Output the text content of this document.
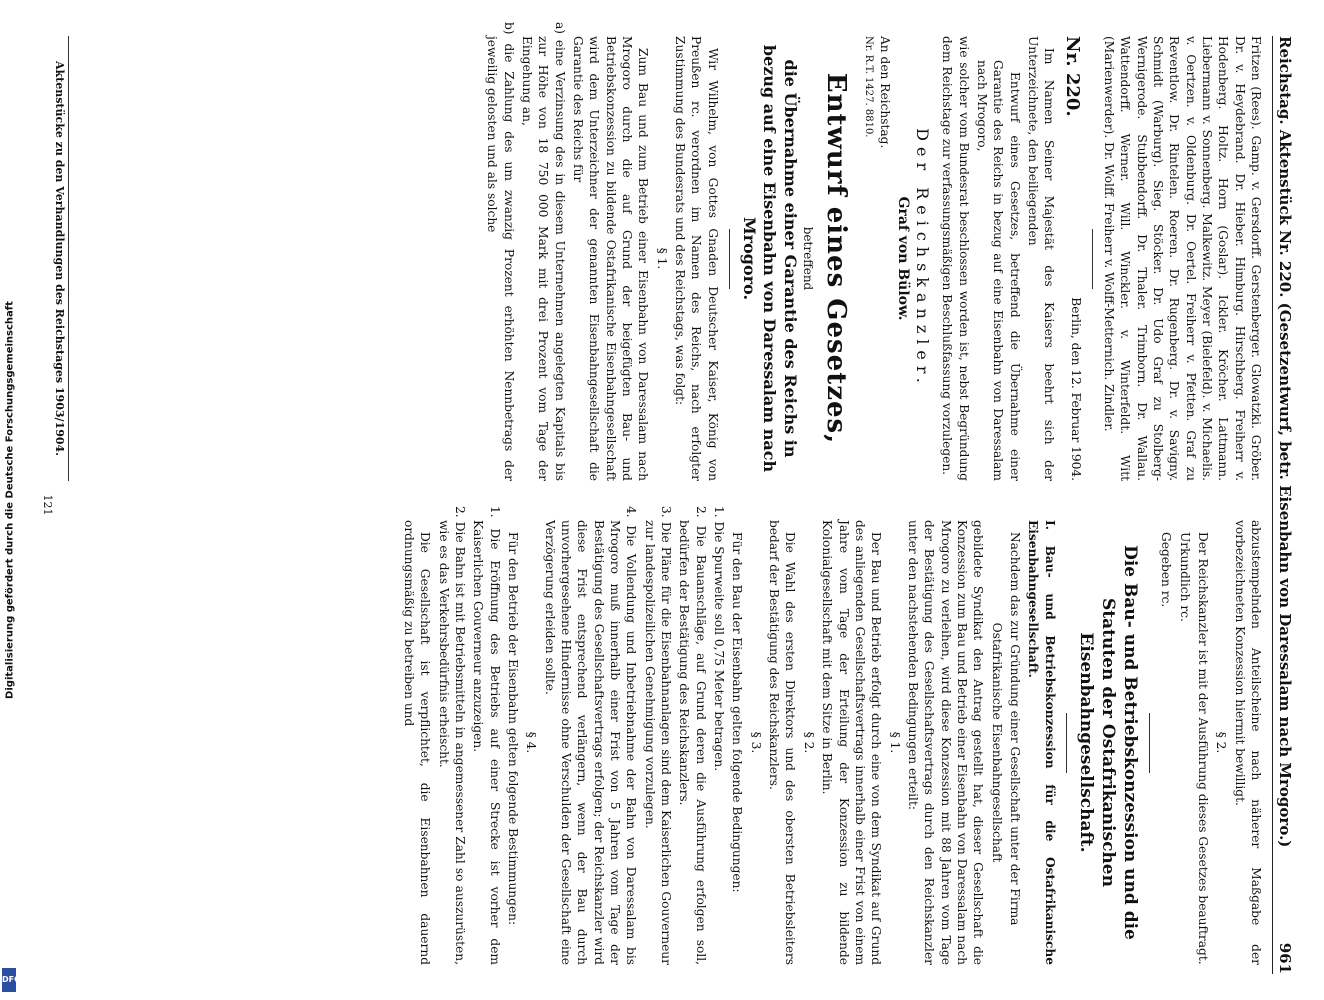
Reichstag. Aktenstück Nr. 220. (Gesetzentwurf, betr. Eisenbahn von Daressalam nach Mrogoro.)
961

Fritzen (Rees). Gamp. v. Gersdorff. Gerstenberger. Glowatzki. Gröber. Dr. v. Heydebrand. Dr. Hieber. Himburg. Hirschberg. Freiherr v. Hodenberg. Holtz. Horn (Goslar). Ickler. Kröcher. Lattmann. Liebermann v. Sonnenberg. Malkewitz. Meyer (Bielefeld). v. Michaelis. v. Oertzen. v. Oldenburg. Dr. Oertel. Freiherr v. Pfetten. Graf zu Reventlow. Dr. Rintelen. Roeren. Dr. Rugenberg. Dr. v. Savigny. Schmidt (Warburg). Sieg. Stöcker. Dr. Udo Graf zu Stolberg-Wernigerode. Stubbendorff. Dr. Thaler. Trimborn. Dr. Wallau. Wattendorff. Werner. Will. Winckler. v. Winterfeldt. Witt (Marienwerder). Dr. Wolff. Freiherr v. Wolff-Metternich. Zindler.

Nr. 220.
Berlin, den 12. Februar 1904.

Im Namen Seiner Majestät des Kaisers beehrt sich der Unterzeichnete, den beiliegenden

Entwurf eines Gesetzes, betreffend die Übernahme einer Garantie des Reichs in bezug auf eine Eisenbahn von Daressalam nach Mrogoro,

wie solcher vom Bundesrat beschlossen worden ist, nebst Begründung dem Reichstage zur verfassungsmäßigen Beschlußfassung vorzulegen.

Der Reichskanzler.
Graf von Bülow.

An den Reichstag.

Nr. R.T. 1427. 8810.

Entwurf eines Gesetzes,
betreffend
die Übernahme einer Garantie des Reichs in bezug auf eine Eisenbahn von Daressalam nach Mrogoro.

Wir Wilhelm, von Gottes Gnaden Deutscher Kaiser, König von Preußen rc. verordnen im Namen des Reichs, nach erfolgter Zustimmung des Bundesrats und des Reichstags, was folgt:

§ 1.

Zum Bau und zum Betrieb einer Eisenbahn von Daressalam nach Mrogoro durch die auf Grund der beigefügten Bau- und Betriebskonzession zu bildende Ostafrikanische Eisenbahngesellschaft wird dem Unterzeichner der genannten Eisenbahngesellschaft die Garantie des Reichs für

a) eine Verzinsung des in diesem Unternehmen angelegten Kapitals bis zur Höhe von 18 750 000 Mark mit drei Prozent vom Tage der Eingehung an,

b) die Zahlung des um zwanzig Prozent erhöhten Nennbetrags der jeweilig gelosten und als solche

Aktenstücke zu den Verhandlungen des Reichstages 1903/1904.

abzustempelnden Anteilscheine nach näherer Maßgabe der vorbezeichneten Konzession hiermit bewilligt.

§ 2.

Der Reichskanzler ist mit der Ausführung dieses Gesetzes beauftragt.

Urkundlich rc.

Gegeben rc.

Die Bau- und Betriebskonzession und die Statuten der Ostafrikanischen Eisenbahngesellschaft.

I. Bau- und Betriebskonzession für die Ostafrikanische Eisenbahngesellschaft.

Nachdem das zur Gründung einer Gesellschaft unter der Firma

Ostafrikanische Eisenbahngesellschaft

gebildete Syndikat den Antrag gestellt hat, dieser Gesellschaft die Konzession zum Bau und Betrieb einer Eisenbahn von Daressalam nach Mrogoro zu verleihen, wird diese Konzession mit 88 Jahren vom Tage der Bestätigung des Gesellschaftsvertrags durch den Reichskanzler unter den nachstehenden Bedingungen erteilt:

§ 1.

Der Bau und Betrieb erfolgt durch eine von dem Syndikat auf Grund des anliegenden Gesellschaftsvertrags innerhalb einer Frist von einem Jahre vom Tage der Erteilung der Konzession zu bildende Kolonialgesellschaft mit dem Sitze in Berlin.

§ 2.

Die Wahl des ersten Direktors und des obersten Betriebsleiters bedarf der Bestätigung des Reichskanzlers.

§ 3.

Für den Bau der Eisenbahn gelten folgende Bedingungen:

1. Die Spurweite soll 0,75 Meter betragen.

2. Die Bauanschläge, auf Grund deren die Ausführung erfolgen soll, bedürfen der Bestätigung des Reichskanzlers.

3. Die Pläne für die Eisenbahnanlagen sind dem Kaiserlichen Gouverneur zur landespolizeilichen Genehmigung vorzulegen.

4. Die Vollendung und Inbetriebnahme der Bahn von Daressalam bis Mrogoro muß innerhalb einer Frist von 5 Jahren vom Tage der Bestätigung des Gesellschaftsvertrags erfolgen; der Reichskanzler wird diese Frist entsprechend verlängern, wenn der Bau durch unvorhergesehene Hindernisse ohne Verschulden der Gesellschaft eine Verzögerung erleiden sollte.

§ 4.

Für den Betrieb der Eisenbahn gelten folgende Bestimmungen:

1. Die Eröffnung des Betriebs auf einer Strecke ist vorher dem Kaiserlichen Gouverneur anzuzeigen.

2. Die Bahn ist mit Betriebsmitteln in angemessener Zahl so auszurüsten, wie es das Verkehrsbedürfnis erheischt.

Die Gesellschaft ist verpflichtet, die Eisenbahnen dauernd ordnungsmäßig zu betreiben und

121
Digitalisierung gefördert durch die Deutsche Forschungsgemeinschaft
DFG
